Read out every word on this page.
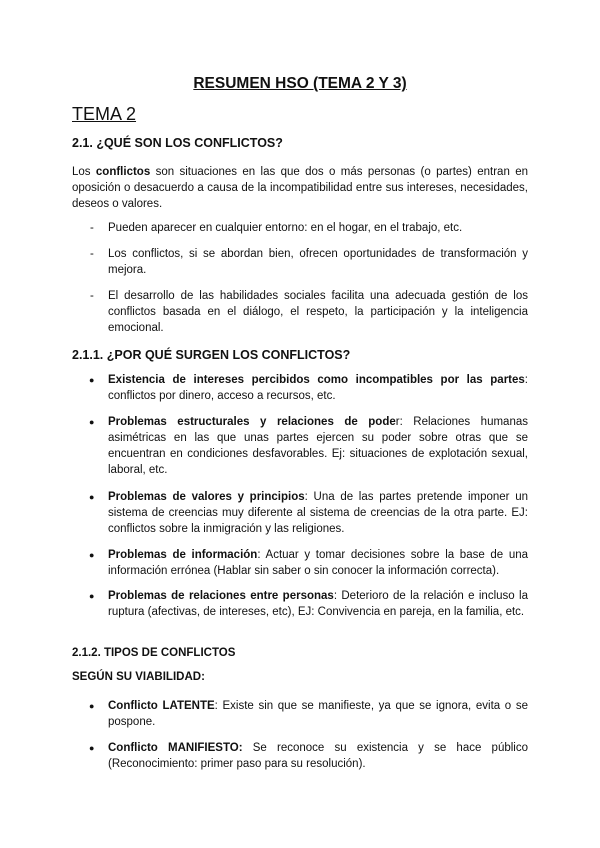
RESUMEN HSO (TEMA 2 Y 3)
TEMA 2
2.1. ¿QUÉ SON LOS CONFLICTOS?

Los conflictos son situaciones en las que dos o más personas (o partes) entran en oposición o desacuerdo a causa de la incompatibilidad entre sus intereses, necesidades, deseos o valores.

- Pueden aparecer en cualquier entorno: en el hogar, en el trabajo, etc.

- Los conflictos, si se abordan bien, ofrecen oportunidades de transformación y mejora.

- El desarrollo de las habilidades sociales facilita una adecuada gestión de los conflictos basada en el diálogo, el respeto, la participación y la inteligencia emocional.

2.1.1. ¿POR QUÉ SURGEN LOS CONFLICTOS?
● Existencia de intereses percibidos como incompatibles por las partes: conflictos por dinero, acceso a recursos, etc.

● Problemas estructurales y relaciones de poder: Relaciones humanas asimétricas en las que unas partes ejercen su poder sobre otras que se encuentran en condiciones desfavorables. Ej: situaciones de explotación sexual, laboral, etc.

● Problemas de valores y principios: Una de las partes pretende imponer un sistema de creencias muy diferente al sistema de creencias de la otra parte. EJ: conflictos sobre la inmigración y las religiones.

● Problemas de información: Actuar y tomar decisiones sobre la base de una información errónea (Hablar sin saber o sin conocer la información correcta).

● Problemas de relaciones entre personas: Deterioro de la relación e incluso la ruptura (afectivas, de intereses, etc), EJ: Convivencia en pareja, en la familia, etc.

2.1.2. TIPOS DE CONFLICTOS
SEGÚN SU VIABILIDAD:
● Conflicto LATENTE: Existe sin que se manifieste, ya que se ignora, evita o se pospone.

● Conflicto MANIFIESTO: Se reconoce su existencia y se hace público (Reconocimiento: primer paso para su resolución).
